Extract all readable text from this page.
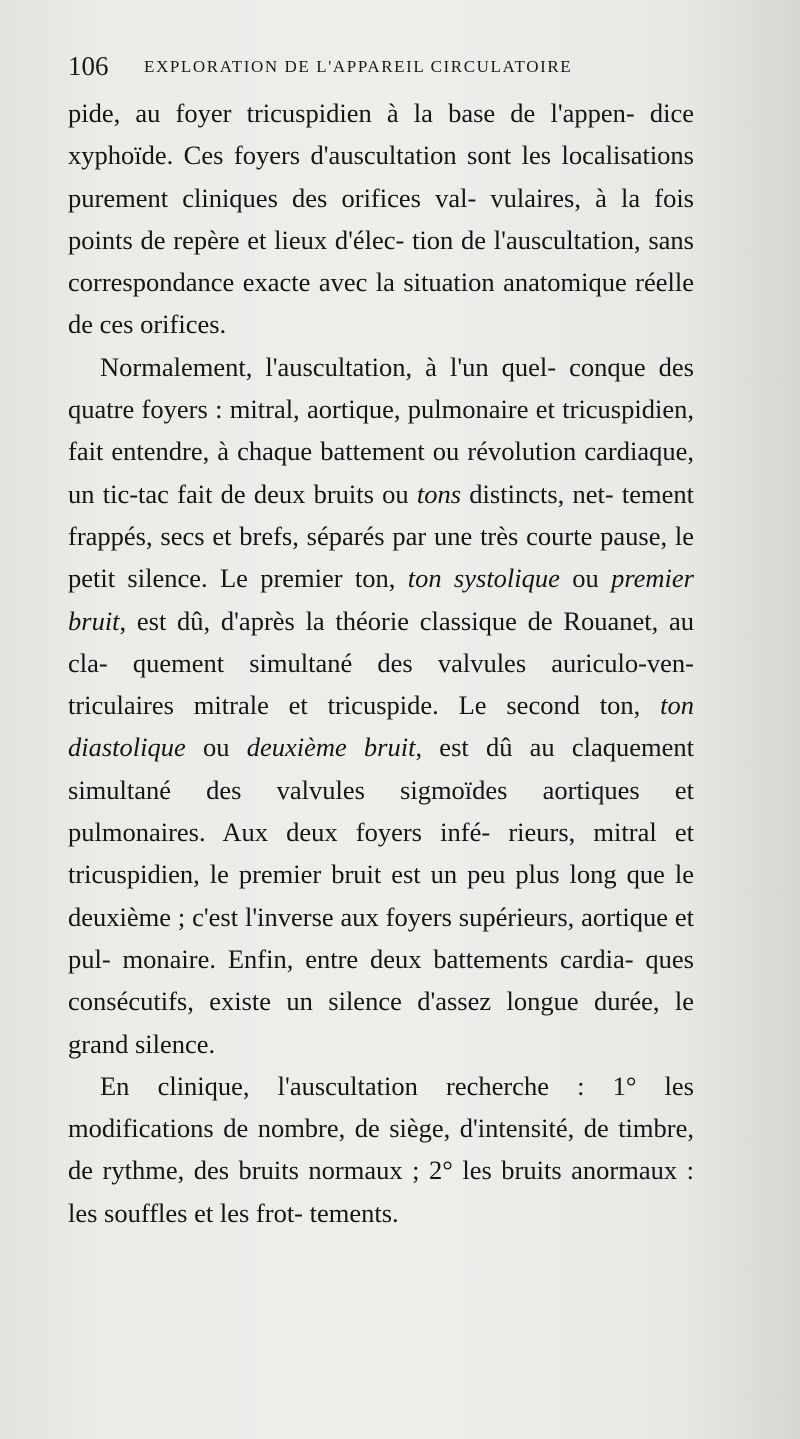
106 EXPLORATION DE L'APPAREIL CIRCULATOIRE

pide, au foyer tricuspidien à la base de l'appen- dice xyphoïde. Ces foyers d'auscultation sont les localisations purement cliniques des orifices val- vulaires, à la fois points de repère et lieux d'élec- tion de l'auscultation, sans correspondance exacte avec la situation anatomique réelle de ces orifices.

Normalement, l'auscultation, à l'un quel- conque des quatre foyers : mitral, aortique, pulmonaire et tricuspidien, fait entendre, à chaque battement ou révolution cardiaque, un tic-tac fait de deux bruits ou tons distincts, net- tement frappés, secs et brefs, séparés par une très courte pause, le petit silence. Le premier ton, ton systolique ou premier bruit, est dû, d'après la théorie classique de Rouanet, au cla- quement simultané des valvules auriculo-ven- triculaires mitrale et tricuspide. Le second ton, ton diastolique ou deuxième bruit, est dû au claquement simultané des valvules sigmoïdes aortiques et pulmonaires. Aux deux foyers infé- rieurs, mitral et tricuspidien, le premier bruit est un peu plus long que le deuxième ; c'est l'inverse aux foyers supérieurs, aortique et pul- monaire. Enfin, entre deux battements cardia- ques consécutifs, existe un silence d'assez longue durée, le grand silence.

En clinique, l'auscultation recherche : 1° les modifications de nombre, de siège, d'intensité, de timbre, de rythme, des bruits normaux ; 2° les bruits anormaux : les souffles et les frot- tements.
